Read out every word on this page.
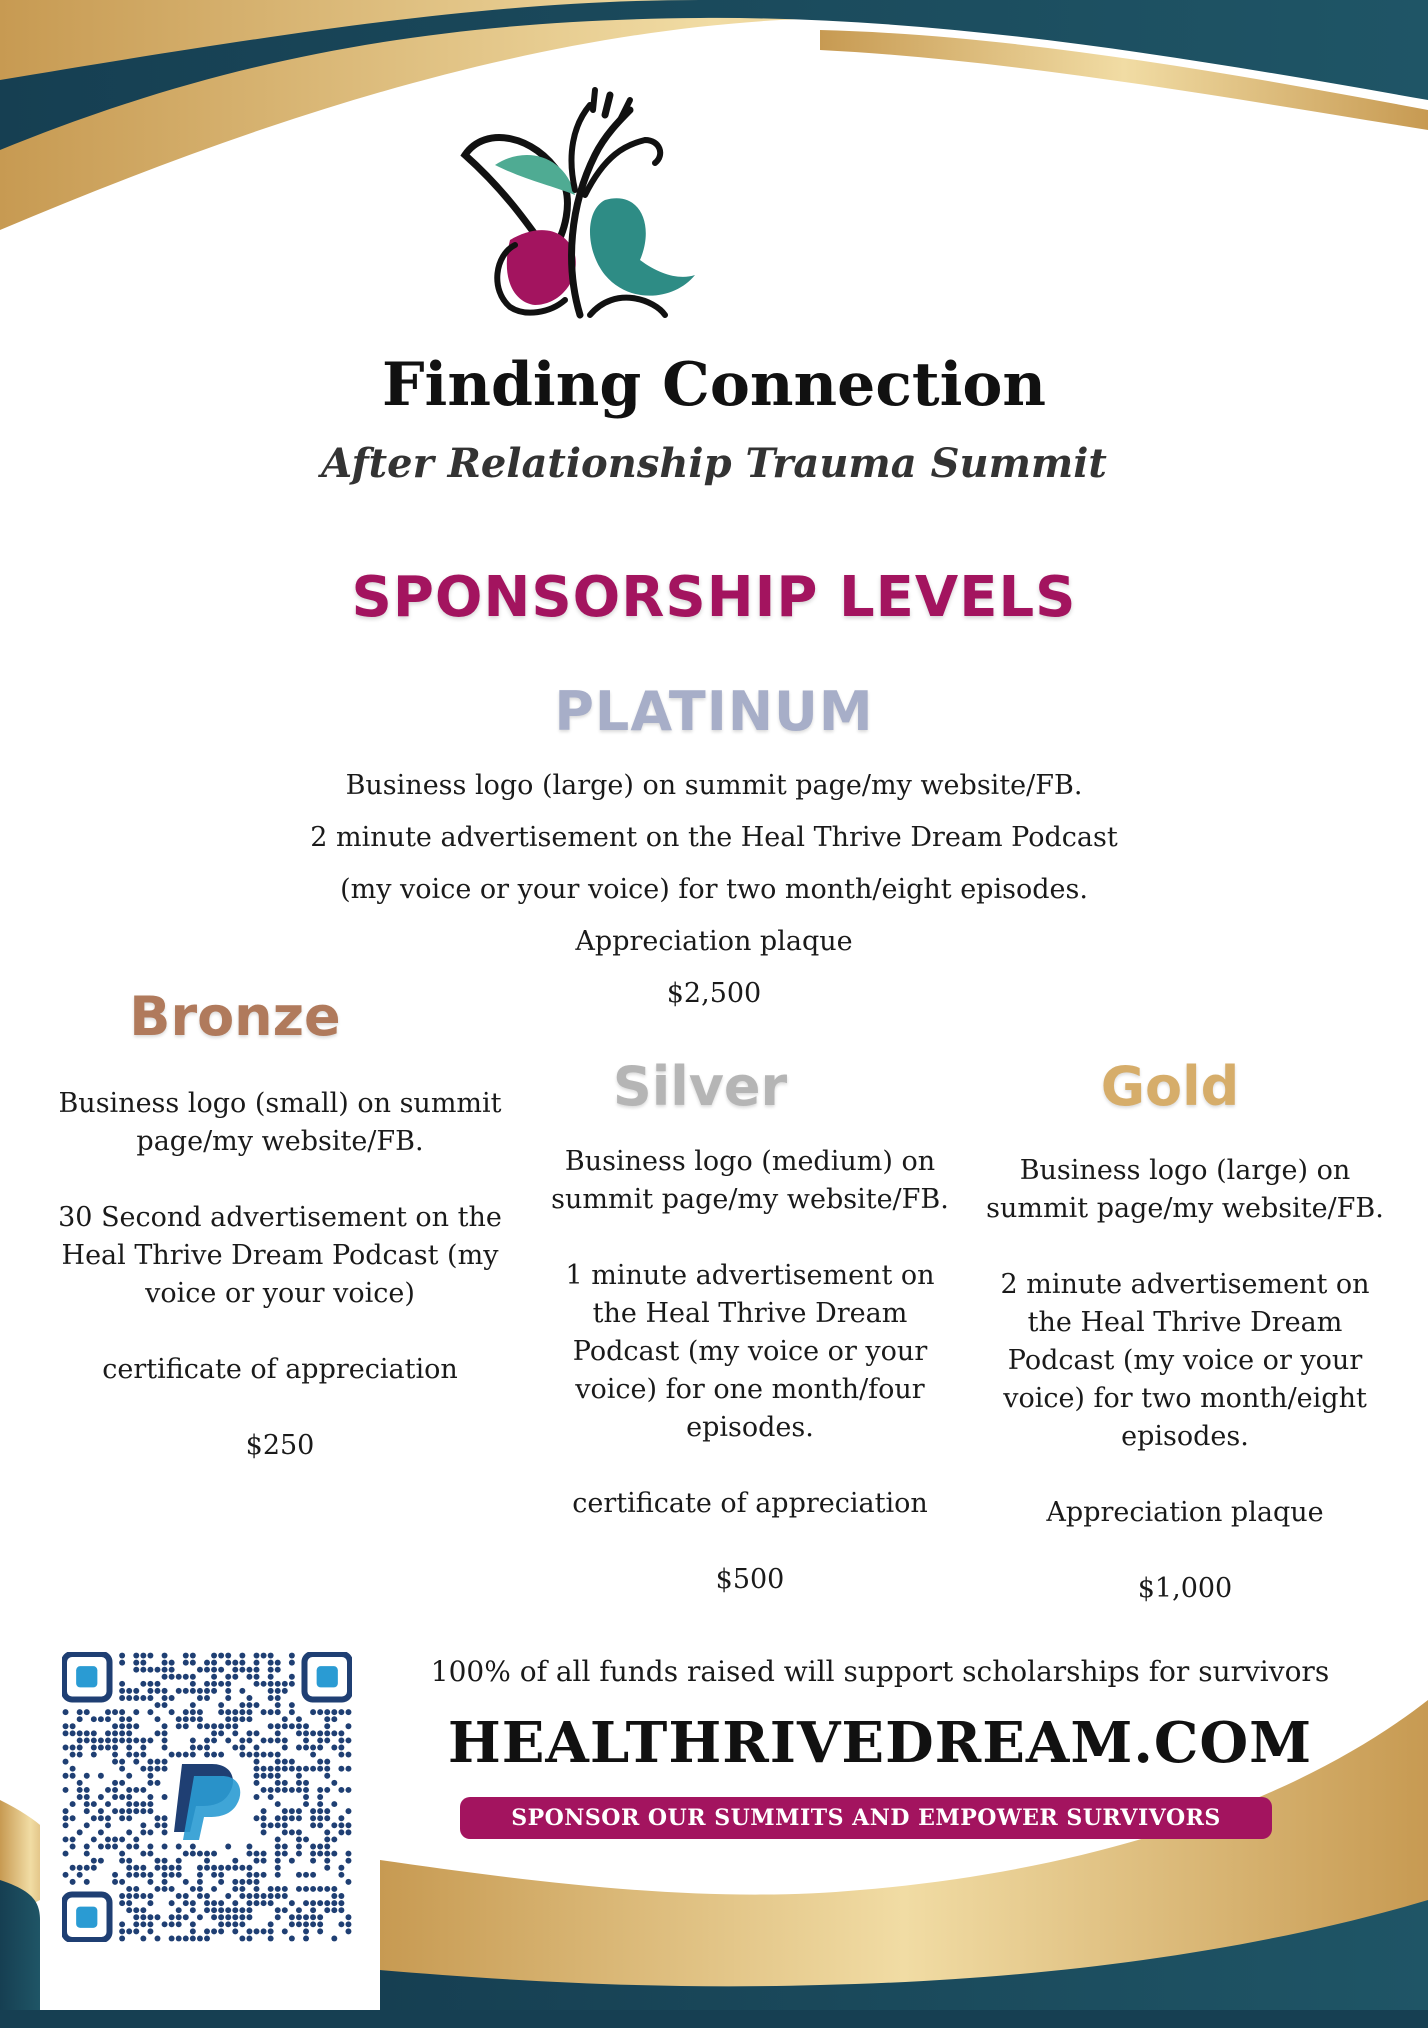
Finding Connection
After Relationship Trauma Summit
SPONSORSHIP LEVELS
PLATINUM
Business logo (large) on summit page/my website/FB.
2 minute advertisement on the Heal Thrive Dream Podcast
(my voice or your voice) for two month/eight episodes.
Appreciation plaque
$2,500
Bronze
Silver	Gold

Business logo (small) on summit page/my website/FB.

30 Second advertisement on the Heal Thrive Dream Podcast (my voice or your voice)

certificate of appreciation

$250

Business logo (medium) on summit page/my website/FB.

1 minute advertisement on the Heal Thrive Dream Podcast (my voice or your voice) for one month/four episodes.

certificate of appreciation

$500

Business logo (large) on summit page/my website/FB.

2 minute advertisement on the Heal Thrive Dream Podcast (my voice or your voice) for two month/eight episodes.

Appreciation plaque

$1,000

100% of all funds raised will support scholarships for survivors
HEALTHRIVEDREAM.COM
SPONSOR OUR SUMMITS AND EMPOWER SURVIVORS TODAY!
